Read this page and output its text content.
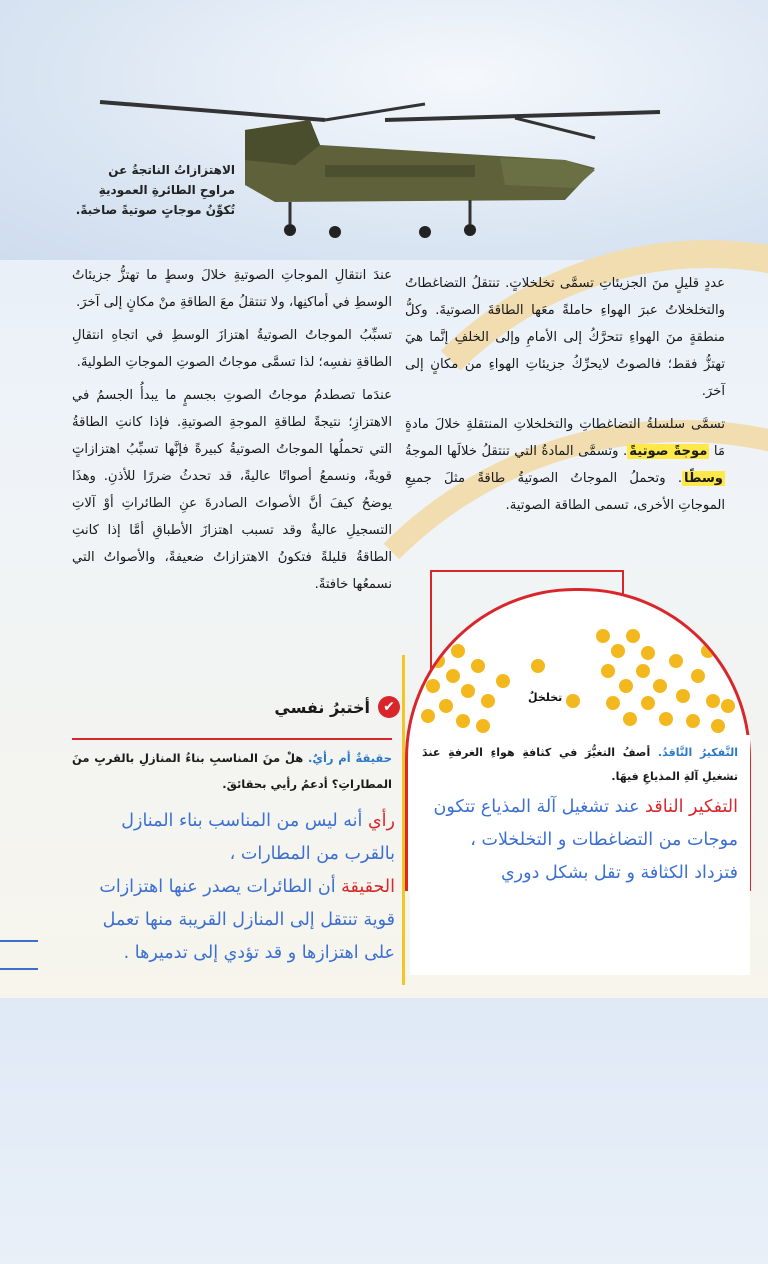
الاهتزازاتُ الناتجةُ عن مراوحِ الطائرةِ العموديةِ تُكوِّنُ موجاتٍ صوتيةً صاخبةً.

عددٍ قليلٍ منَ الجزيئاتِ تسمَّى تخلخلاتٍ. تنتقلُ التضاغطاتُ والتخلخلاتُ عبرَ الهواءِ حاملةً معَها الطاقةَ الصوتيةَ. وكلُّ منطقةٍ منَ الهواءِ تتحرَّكُ إلى الأمامِ وإلى الخلفِ إنَّما هيَ تهتزُّ فقط؛ فالصوتُ لايحرِّكُ جزيئاتِ الهواءِ من مكانٍ إلى آخرَ.

تسمَّى سلسلةُ التضاغطاتِ والتخلخلاتِ المنتقلةِ خلالَ مادةٍ مَا موجةً صوتيةً. وتسمَّى المادةُ التي تنتقلُ خلالَها الموجةُ وسطًا. وتحملُ الموجاتُ الصوتيةُ طاقةً مثلَ جميعِ الموجاتِ الأخرى، تسمى الطاقة الصوتية.

عندَ انتقالِ الموجاتِ الصوتيةِ خلالَ وسطٍ ما تهتزُّ جزيئاتُ الوسطِ في أماكنِها، ولا تنتقلُ معَ الطاقةِ منْ مكانٍ إلى آخرَ.

تسبِّبُ الموجاتُ الصوتيةُ اهتزازَ الوسطِ في اتجاهِ انتقالِ الطاقةِ نفسِه؛ لذا تسمَّى موجاتُ الصوتِ الموجاتِ الطوليةَ.

عندَما تصطدمُ موجاتُ الصوتِ بجسمٍ ما يبدأُ الجسمُ في الاهتزازِ؛ نتيجةً لطاقةِ الموجةِ الصوتيةِ. فإذا كانتِ الطاقةُ التي تحملُها الموجاتُ الصوتيةُ كبيرةً فإنَّها تسبِّبُ اهتزازاتٍ قويةً، ونسمعُ أصواتًا عاليةً، قد تحدثُ ضررًا للأذنِ. وهذَا يوضحُ كيفَ أنَّ الأصواتَ الصادرةَ عنِ الطائراتِ أوْ آلاتِ التسجيلِ عاليةٌ وقد تسبب اهتزازَ الأطباقِ أمَّا إذا كانتِ الطاقةُ قليلةً فتكونُ الاهتزازاتُ ضعيفةً، والأصواتُ التي نسمعُها خافتةً.

تخلخلٌ
✔
أختبرُ نفسي
حقيقةٌ أم رأيٌ. هلْ منَ المناسبِ بناءُ المنازلِ بالقربِ منَ المطاراتِ؟ أدعمُ رأيي بحقائقَ.
رأي أنه ليس من المناسب بناء المنازل بالقرب من المطارات ،
الحقيقة أن الطائرات يصدر عنها اهتزازات قوية تنتقل إلى المنازل القريبة منها تعمل على اهتزازها و قد تؤدي إلى تدميرها .
التَّفكيرُ النَّاقدُ. أصفُ التغيُّرَ في كثافةِ هواءِ الغرفةِ عندَ تشغيلِ آلةِ المذياعِ فيهَا.
التفكير الناقد عند تشغيل آلة المذياع تتكون موجات من التضاغطات و التخلخلات ، فتزداد الكثافة و تقل بشكل دوري
